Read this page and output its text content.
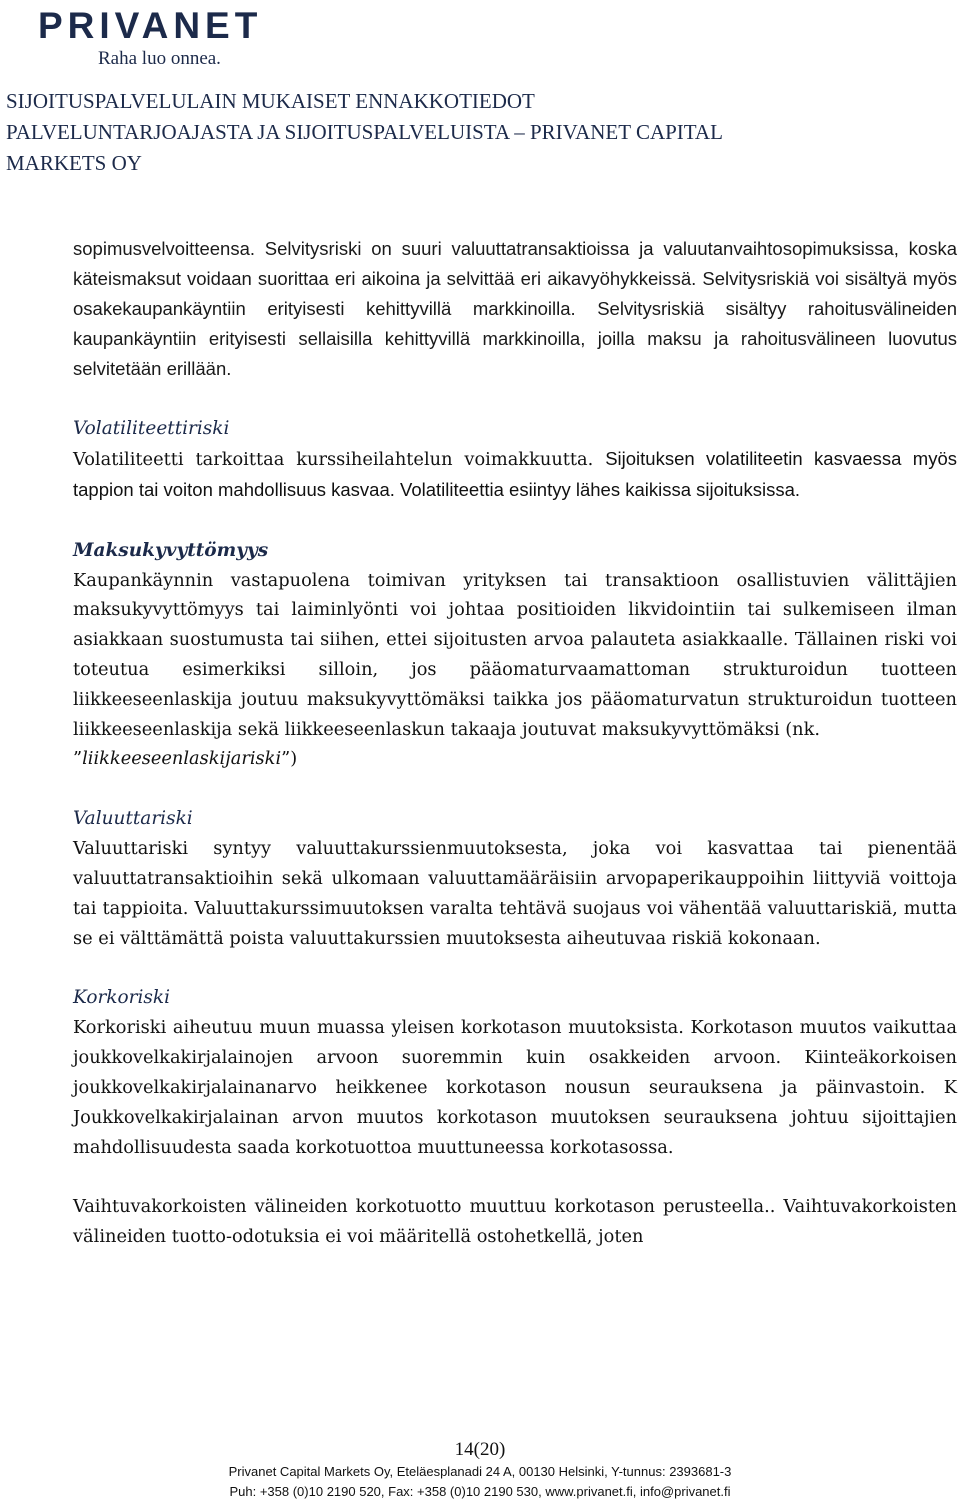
PRIVANET
Raha luo onnea.
SIJOITUSPALVELULAIN MUKAISET ENNAKKOTIEDOT
PALVELUNTARJOAJASTA JA SIJOITUSPALVELUISTA – PRIVANET CAPITAL
MARKETS OY

sopimusvelvoitteensa. Selvitysriski on suuri valuuttatransaktioissa ja valuutanvaihtosopimuksissa, koska käteismaksut voidaan suorittaa eri aikoina ja selvittää eri aikavyöhykkeissä. Selvitysriskiä voi sisältyä myös osakekaupankäyntiin erityisesti kehittyvillä markkinoilla. Selvitysriskiä sisältyy rahoitusvälineiden kaupankäyntiin erityisesti sellaisilla kehittyvillä markkinoilla, joilla maksu ja rahoitusvälineen luovutus selvitetään erillään.

Volatiliteettiriski

Volatiliteetti tarkoittaa kurssiheilahtelun voimakkuutta. Sijoituksen volatiliteetin kasvaessa myös tappion tai voiton mahdollisuus kasvaa. Volatiliteettia esiintyy lähes kaikissa sijoituksissa.

Maksukyvyttömyys

Kaupankäynnin vastapuolena toimivan yrityksen tai transaktioon osallistuvien välittäjien maksukyvyttömyys tai laiminlyönti voi johtaa positioiden likvidointiin tai sulkemiseen ilman asiakkaan suostumusta tai siihen, ettei sijoitusten arvoa palauteta asiakkaalle. Tällainen riski voi toteutua esimerkiksi silloin, jos pääomaturvaamattoman strukturoidun tuotteen liikkeeseenlaskija joutuu maksukyvyttömäksi taikka jos pääomaturvatun strukturoidun tuotteen liikkeeseenlaskija sekä liikkeeseenlaskun takaaja joutuvat maksukyvyttömäksi (nk.
”liikkeeseenlaskijariski”)

Valuuttariski

Valuuttariski syntyy valuuttakurssienmuutoksesta, joka voi kasvattaa tai pienentää valuuttatransaktioihin sekä ulkomaan valuuttamääräisiin arvopaperikauppoihin liittyviä voittoja tai tappioita. Valuuttakurssimuutoksen varalta tehtävä suojaus voi vähentää valuuttariskiä, mutta se ei välttämättä poista valuuttakurssien muutoksesta aiheutuvaa riskiä kokonaan.

Korkoriski

Korkoriski aiheutuu muun muassa yleisen korkotason muutoksista. Korkotason muutos vaikuttaa joukkovelkakirjalainojen arvoon suoremmin kuin osakkeiden arvoon. Kiinteäkorkoisen joukkovelkakirjalainanarvo heikkenee korkotason nousun seurauksena ja päinvastoin. K Joukkovelkakirjalainan arvon muutos korkotason muutoksen seurauksena johtuu sijoittajien mahdollisuudesta saada korkotuottoa muuttuneessa korkotasossa.

Vaihtuvakorkoisten välineiden korkotuotto muuttuu korkotason perusteella.. Vaihtuvakorkoisten välineiden tuotto-odotuksia ei voi määritellä ostohetkellä, joten

14(20)
Privanet Capital Markets Oy, Eteläesplanadi 24 A, 00130 Helsinki, Y-tunnus: 2393681-3
Puh: +358 (0)10 2190 520, Fax: +358 (0)10 2190 530, www.privanet.fi, info@privanet.fi
